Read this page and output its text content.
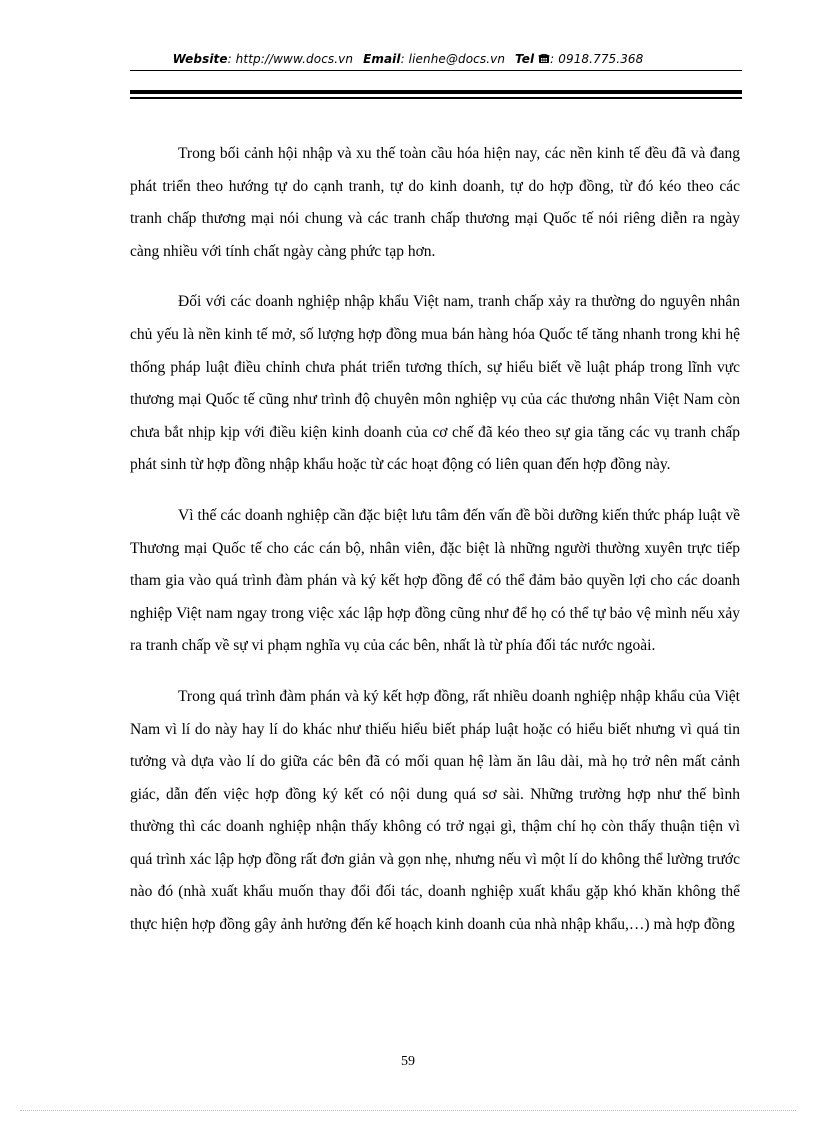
Website: http://www.docs.vn Email: lienhe@docs.vn Tel : 0918.775.368

Trong bối cảnh hội nhập và xu thế toàn cầu hóa hiện nay, các nền kinh tế đều đã và đang phát triển theo hướng tự do cạnh tranh, tự do kinh doanh, tự do hợp đồng, từ đó kéo theo các tranh chấp thương mại nói chung và các tranh chấp thương mại Quốc tế nói riêng diễn ra ngày càng nhiều với tính chất ngày càng phức tạp hơn.

Đối với các doanh nghiệp nhập khẩu Việt nam, tranh chấp xảy ra thường do nguyên nhân chủ yếu là nền kinh tế mở, số lượng hợp đồng mua bán hàng hóa Quốc tế tăng nhanh trong khi hệ thống pháp luật điều chỉnh chưa phát triển tương thích, sự hiểu biết về luật pháp trong lĩnh vực thương mại Quốc tế cũng như trình độ chuyên môn nghiệp vụ của các thương nhân Việt Nam còn chưa bắt nhịp kịp với điều kiện kinh doanh của cơ chế đã kéo theo sự gia tăng các vụ tranh chấp phát sinh từ hợp đồng nhập khẩu hoặc từ các hoạt động có liên quan đến hợp đồng này.

Vì thế các doanh nghiệp cần đặc biệt lưu tâm đến vấn đề bồi dưỡng kiến thức pháp luật về Thương mại Quốc tế cho các cán bộ, nhân viên, đặc biệt là những người thường xuyên trực tiếp tham gia vào quá trình đàm phán và ký kết hợp đồng để có thể đảm bảo quyền lợi cho các doanh nghiệp Việt nam ngay trong việc xác lập hợp đồng cũng như để họ có thể tự bảo vệ mình nếu xảy ra tranh chấp về sự vi phạm nghĩa vụ của các bên, nhất là từ phía đối tác nước ngoài.

Trong quá trình đàm phán và ký kết hợp đồng, rất nhiều doanh nghiệp nhập khẩu của Việt Nam vì lí do này hay lí do khác như thiếu hiểu biết pháp luật hoặc có hiểu biết nhưng vì quá tin tưởng và dựa vào lí do giữa các bên đã có mối quan hệ làm ăn lâu dài, mà họ trở nên mất cảnh giác, dẫn đến việc hợp đồng ký kết có nội dung quá sơ sài. Những trường hợp như thế bình thường thì các doanh nghiệp nhận thấy không có trở ngại gì, thậm chí họ còn thấy thuận tiện vì quá trình xác lập hợp đồng rất đơn giản và gọn nhẹ, nhưng nếu vì một lí do không thể lường trước nào đó (nhà xuất khẩu muốn thay đổi đối tác, doanh nghiệp xuất khẩu gặp khó khăn không thể thực hiện hợp đồng gây ảnh hưởng đến kế hoạch kinh doanh của nhà nhập khẩu,…) mà hợp đồng

59
